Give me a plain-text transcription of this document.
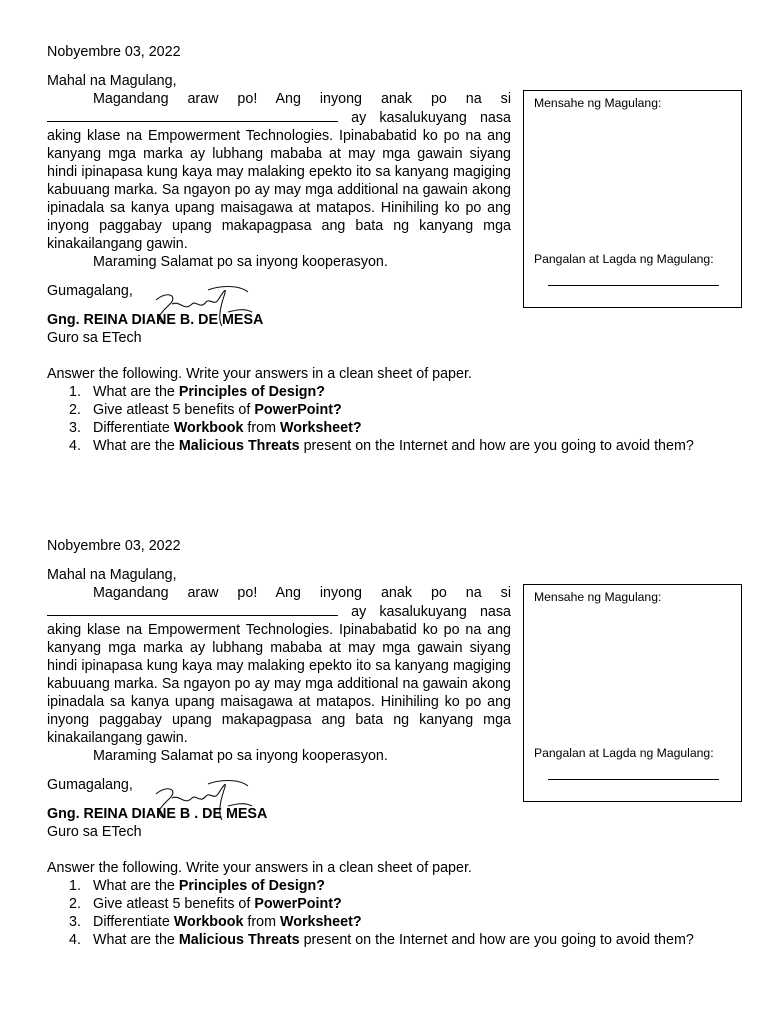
Nobyembre 03, 2022
Mahal na Magulang,

Magandang araw po! Ang inyong anak po na si  ay kasalukuyang nasa aking klase na Empowerment Technologies. Ipinababatid ko po na ang kanyang mga marka ay lubhang mababa at may mga gawain siyang hindi ipinapasa kung kaya may malaking epekto ito sa kanyang magiging kabuuang marka. Sa ngayon po ay may mga additional na gawain akong ipinadala sa kanya upang maisagawa at matapos. Hinihiling ko po ang inyong paggabay upang makapagpasa ang bata ng kanyang mga kinakailangang gawin.

Maraming Salamat po sa inyong kooperasyon.

Gumagalang,
Gng. REINA DIANE B. DE MESA
Guro sa ETech
Answer the following. Write your answers in a clean sheet of paper.
1. What are the Principles of Design?
2. Give atleast 5 benefits of PowerPoint?
3. Differentiate Workbook from Worksheet?
4. What are the Malicious Threats present on the Internet and how are you going to avoid them?
Mensahe ng Magulang:
Pangalan at Lagda ng Magulang:
Nobyembre 03, 2022
Mahal na Magulang,

Magandang araw po! Ang inyong anak po na si  ay kasalukuyang nasa aking klase na Empowerment Technologies. Ipinababatid ko po na ang kanyang mga marka ay lubhang mababa at may mga gawain siyang hindi ipinapasa kung kaya may malaking epekto ito sa kanyang magiging kabuuang marka. Sa ngayon po ay may mga additional na gawain akong ipinadala sa kanya upang maisagawa at matapos. Hinihiling ko po ang inyong paggabay upang makapagpasa ang bata ng kanyang mga kinakailangang gawin.

Maraming Salamat po sa inyong kooperasyon.

Gumagalang,
Gng. REINA DIANE B . DE MESA
Guro sa ETech
Answer the following. Write your answers in a clean sheet of paper.
1. What are the Principles of Design?
2. Give atleast 5 benefits of PowerPoint?
3. Differentiate Workbook from Worksheet?
4. What are the Malicious Threats present on the Internet and how are you going to avoid them?
Mensahe ng Magulang:
Pangalan at Lagda ng Magulang:
